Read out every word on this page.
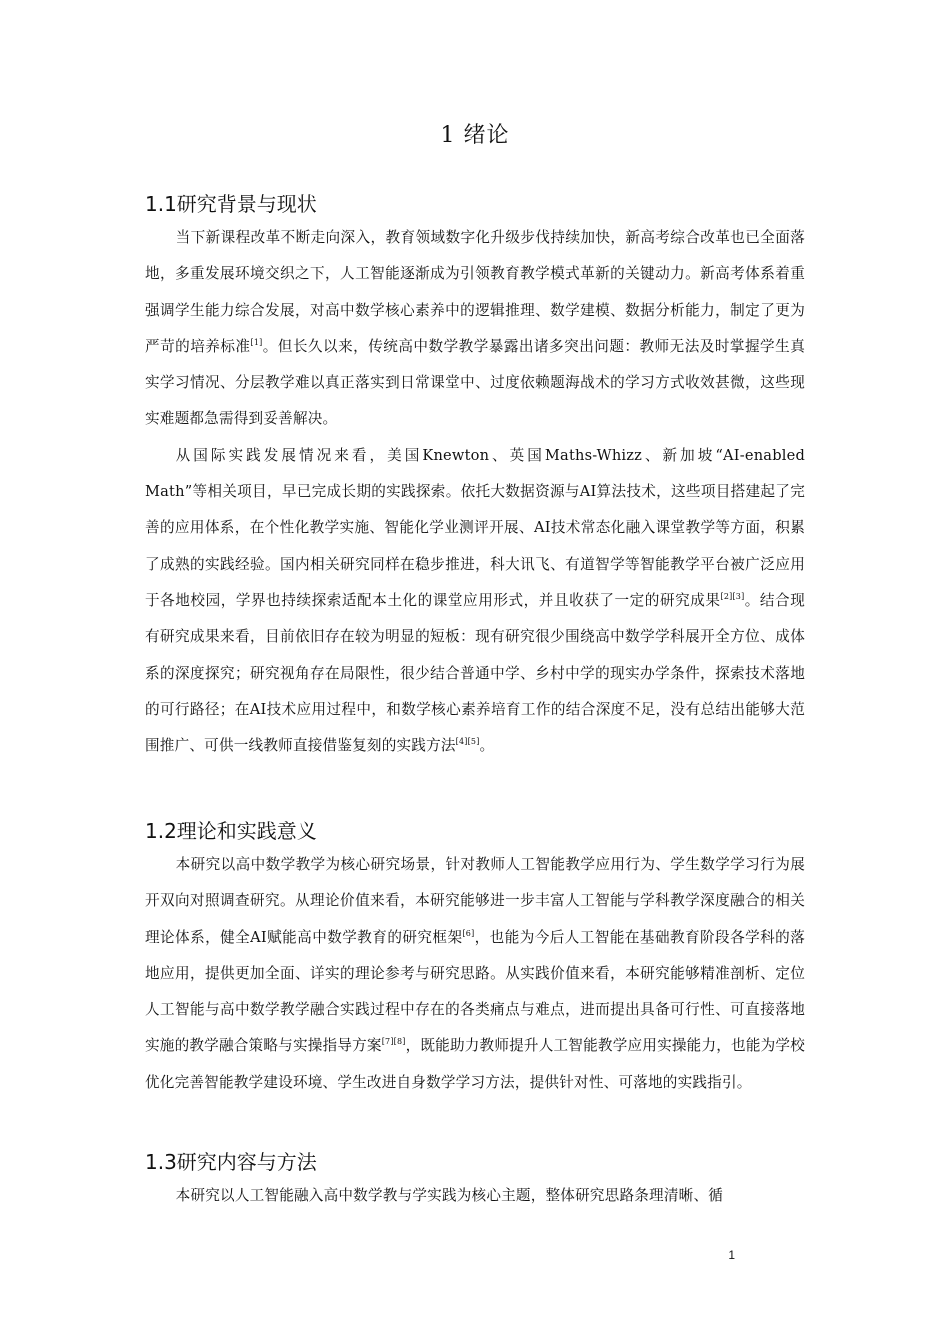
1 绪论
1.1研究背景与现状

当下新课程改革不断走向深入，教育领域数字化升级步伐持续加快，新高考综合改革也已全面落地，多重发展环境交织之下，人工智能逐渐成为引领教育教学模式革新的关键动力。新高考体系着重强调学生能力综合发展，对高中数学核心素养中的逻辑推理、数学建模、数据分析能力，制定了更为严苛的培养标准[1]。但长久以来，传统高中数学教学暴露出诸多突出问题：教师无法及时掌握学生真实学习情况、分层教学难以真正落实到日常课堂中、过度依赖题海战术的学习方式收效甚微，这些现实难题都急需得到妥善解决。

从国际实践发展情况来看，美国Knewton、英国Maths-Whizz、新加坡“AI-enabled Math”等相关项目，早已完成长期的实践探索。依托大数据资源与AI算法技术，这些项目搭建起了完善的应用体系，在个性化教学实施、智能化学业测评开展、AI技术常态化融入课堂教学等方面，积累了成熟的实践经验。国内相关研究同样在稳步推进，科大讯飞、有道智学等智能教学平台被广泛应用于各地校园，学界也持续探索适配本土化的课堂应用形式，并且收获了一定的研究成果[2][3]。结合现有研究成果来看，目前依旧存在较为明显的短板：现有研究很少围绕高中数学学科展开全方位、成体系的深度探究；研究视角存在局限性，很少结合普通中学、乡村中学的现实办学条件，探索技术落地的可行路径；在AI技术应用过程中，和数学核心素养培育工作的结合深度不足，没有总结出能够大范围推广、可供一线教师直接借鉴复刻的实践方法[4][5]。

1.2理论和实践意义

本研究以高中数学教学为核心研究场景，针对教师人工智能教学应用行为、学生数学学习行为展开双向对照调查研究。从理论价值来看，本研究能够进一步丰富人工智能与学科教学深度融合的相关理论体系，健全AI赋能高中数学教育的研究框架[6]，也能为今后人工智能在基础教育阶段各学科的落地应用，提供更加全面、详实的理论参考与研究思路。从实践价值来看，本研究能够精准剖析、定位人工智能与高中数学教学融合实践过程中存在的各类痛点与难点，进而提出具备可行性、可直接落地实施的教学融合策略与实操指导方案[7][8]，既能助力教师提升人工智能教学应用实操能力，也能为学校优化完善智能教学建设环境、学生改进自身数学学习方法，提供针对性、可落地的实践指引。

1.3研究内容与方法

本研究以人工智能融入高中数学教与学实践为核心主题，整体研究思路条理清晰、循

1
